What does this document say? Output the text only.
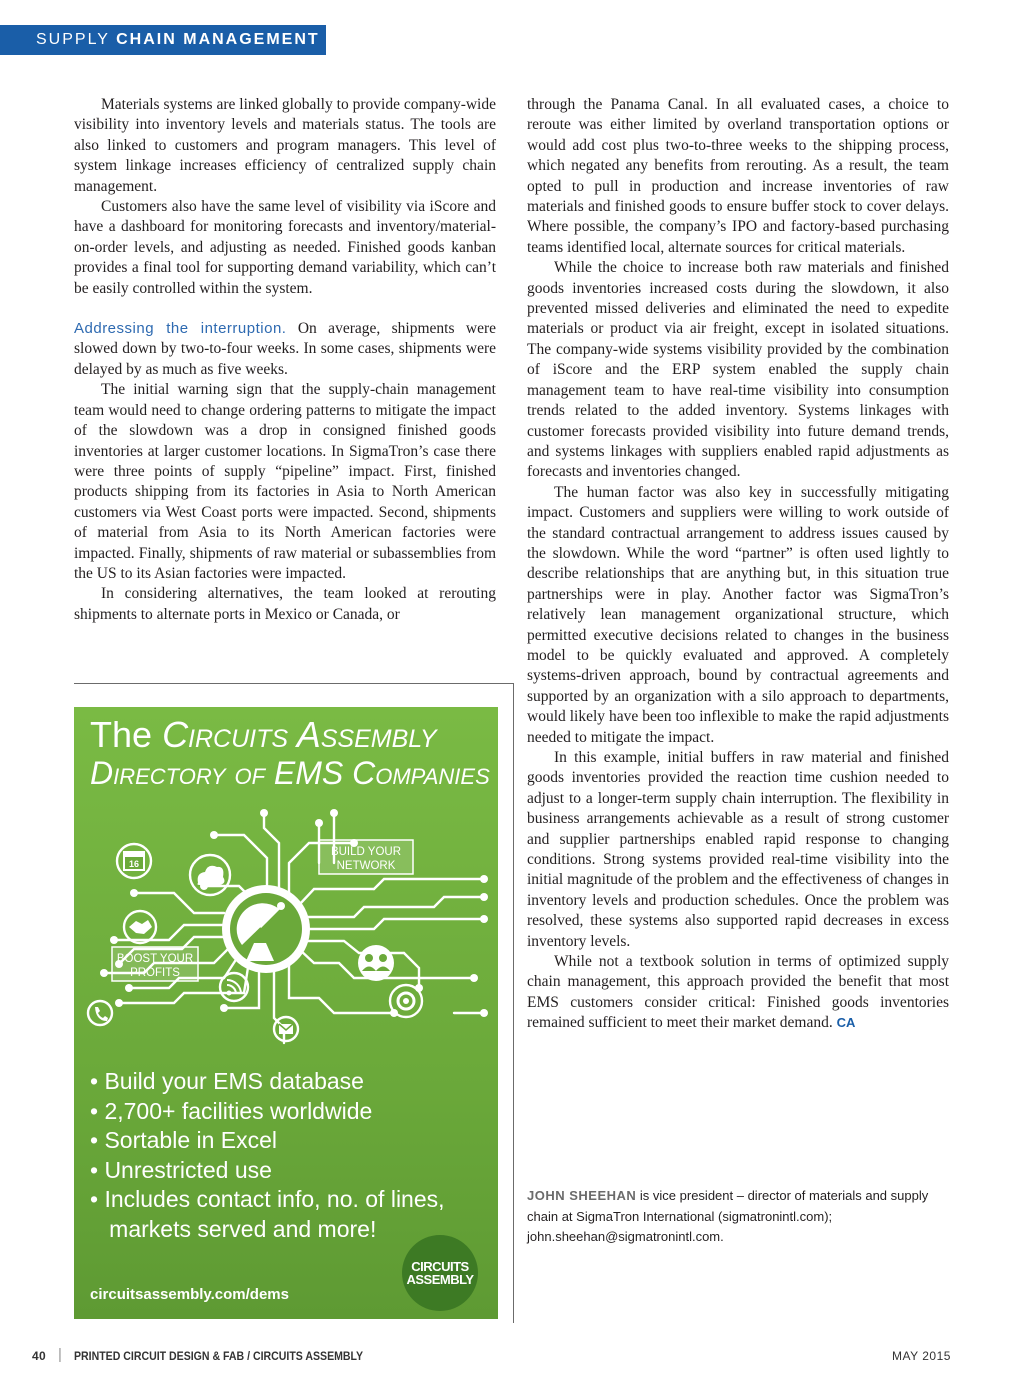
SUPPLY CHAIN MANAGEMENT

Materials systems are linked globally to provide company-wide visibility into inventory levels and materials status. The tools are also linked to customers and program managers. This level of system linkage increases efficiency of centralized supply chain management.

Customers also have the same level of visibility via iScore and have a dashboard for monitoring forecasts and inventory/material-on-order levels, and adjusting as needed. Finished goods kanban provides a final tool for supporting demand variability, which can’t be easily controlled within the system.

Addressing the interruption. On average, shipments were slowed down by two-to-four weeks. In some cases, shipments were delayed by as much as five weeks.

The initial warning sign that the supply-chain management team would need to change ordering patterns to mitigate the impact of the slowdown was a drop in consigned finished goods inventories at larger customer locations. In SigmaTron’s case there were three points of supply “pipeline” impact. First, finished products shipping from its factories in Asia to North American customers via West Coast ports were impacted. Second, shipments of material from Asia to its North American factories were impacted. Finally, shipments of raw material or subassemblies from the US to its Asian factories were impacted.

In considering alternatives, the team looked at rerouting shipments to alternate ports in Mexico or Canada, or

through the Panama Canal. In all evaluated cases, a choice to reroute was either limited by overland transportation options or would add cost plus two-to-three weeks to the shipping process, which negated any benefits from rerouting. As a result, the team opted to pull in production and increase inventories of raw materials and finished goods to ensure buffer stock to cover delays. Where possible, the company’s IPO and factory-based purchasing teams identified local, alternate sources for critical materials.

While the choice to increase both raw materials and finished goods inventories increased costs during the slowdown, it also prevented missed deliveries and eliminated the need to expedite materials or product via air freight, except in isolated situations. The company-wide systems visibility provided by the combination of iScore and the ERP system enabled the supply chain management team to have real-time visibility into consumption trends related to the added inventory. Systems linkages with customer forecasts provided visibility into future demand trends, and systems linkages with suppliers enabled rapid adjustments as forecasts and inventories changed.

The human factor was also key in successfully mitigating impact. Customers and suppliers were willing to work outside of the standard contractual arrangement to address issues caused by the slowdown. While the word “partner” is often used lightly to describe relationships that are anything but, in this situation true partnerships were in play. Another factor was SigmaTron’s relatively lean management organizational structure, which permitted executive decisions related to changes in the business model to be quickly evaluated and approved. A completely systems-driven approach, bound by contractual agreements and supported by an organization with a silo approach to departments, would likely have been too inflexible to make the rapid adjustments needed to mitigate the impact.

In this example, initial buffers in raw material and finished goods inventories provided the reaction time cushion needed to adjust to a longer-term supply chain interruption. The flexibility in business arrangements achievable as a result of strong customer and supplier partnerships enabled rapid response to changing conditions. Strong systems provided real-time visibility into the initial magnitude of the problem and the effectiveness of changes in inventory levels and production schedules. Once the problem was resolved, these systems also supported rapid decreases in excess inventory levels.

While not a textbook solution in terms of optimized supply chain management, this approach provided the benefit that most EMS customers consider critical: Finished goods inventories remained sufficient to meet their market demand. CA

The Circuits Assembly
Directory of EMS Companies
16
BUILD YOUR
NETWORK
BOOST YOUR
PROFITS
• Build your EMS database
• 2,700+ facilities worldwide
• Sortable in Excel
• Unrestricted use
• Includes contact info, no. of lines,
markets served and more!
circuitsassembly.com/dems
CIRCUITS
ASSEMBLY
JOHN SHEEHAN is vice president – director of materials and supply chain at SigmaTron International (sigmatronintl.com); john.sheehan@sigmatronintl.com.
40 | PRINTED CIRCUIT DESIGN & FAB / CIRCUITS ASSEMBLY	MAY 2015
